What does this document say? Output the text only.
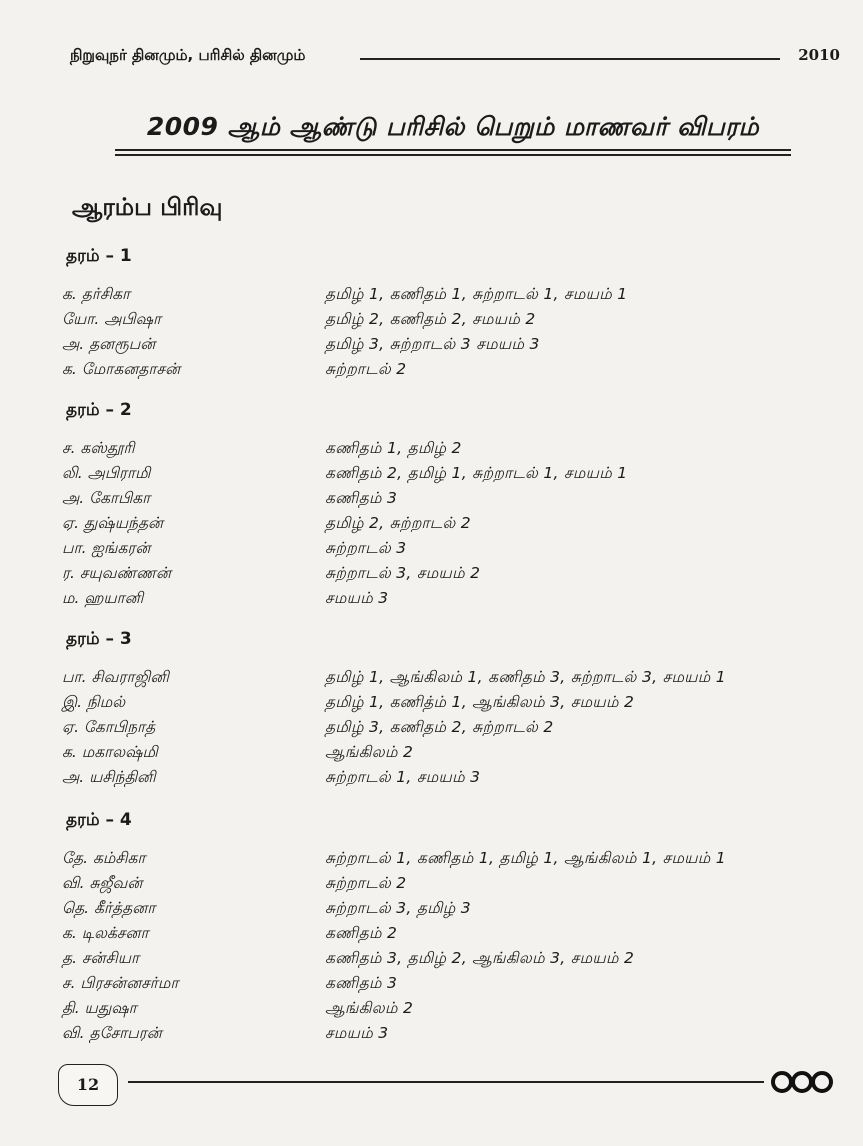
நிறுவுநர் தினமும், பரிசில் தினமும்	2010
2009 ஆம் ஆண்டு பரிசில் பெறும் மாணவர் விபரம்
ஆரம்ப பிரிவு
தரம் – 1
க. தர்சிகா	தமிழ் 1, கணிதம் 1, சுற்றாடல் 1, சமயம் 1
யோ. அபிஷா	தமிழ் 2, கணிதம் 2, சமயம் 2
அ. தனரூபன்	தமிழ் 3, சுற்றாடல் 3 சமயம் 3
க. மோகனதாசன்	சுற்றாடல் 2
தரம் – 2
ச. கஸ்தூரி	கணிதம் 1, தமிழ் 2
லி. அபிராமி	கணிதம் 2, தமிழ் 1, சுற்றாடல் 1, சமயம் 1
அ. கோபிகா	கணிதம் 3
ஏ. துஷ்யந்தன்	தமிழ் 2, சுற்றாடல் 2
பா. ஐங்கரன்	சுற்றாடல் 3
ர. சயுவண்ணன்	சுற்றாடல் 3, சமயம் 2
ம. ஹயானி	சமயம் 3
தரம் – 3
பா. சிவராஜினி	தமிழ் 1, ஆங்கிலம் 1, கணிதம் 3, சுற்றாடல் 3, சமயம் 1
இ. நிமல்	தமிழ் 1, கணித்ம் 1, ஆங்கிலம் 3, சமயம் 2
ஏ. கோபிநாத்	தமிழ் 3, கணிதம் 2, சுற்றாடல் 2
க. மகாலஷ்மி	ஆங்கிலம் 2
அ. யசிந்தினி	சுற்றாடல் 1, சமயம் 3
தரம் – 4
தே. கம்சிகா	சுற்றாடல் 1, கணிதம் 1, தமிழ் 1, ஆங்கிலம் 1, சமயம் 1
வி. சுஜீவன்	சுற்றாடல் 2
தெ. கீர்த்தனா	சுற்றாடல் 3, தமிழ் 3
க. டிலக்சனா	கணிதம் 2
த. சன்சியா	கணிதம் 3, தமிழ் 2, ஆங்கிலம் 3, சமயம் 2
ச. பிரசன்னசர்மா	கணிதம் 3
தி. யதுஷா	ஆங்கிலம் 2
வி. தசோபரன்	சமயம் 3
12
